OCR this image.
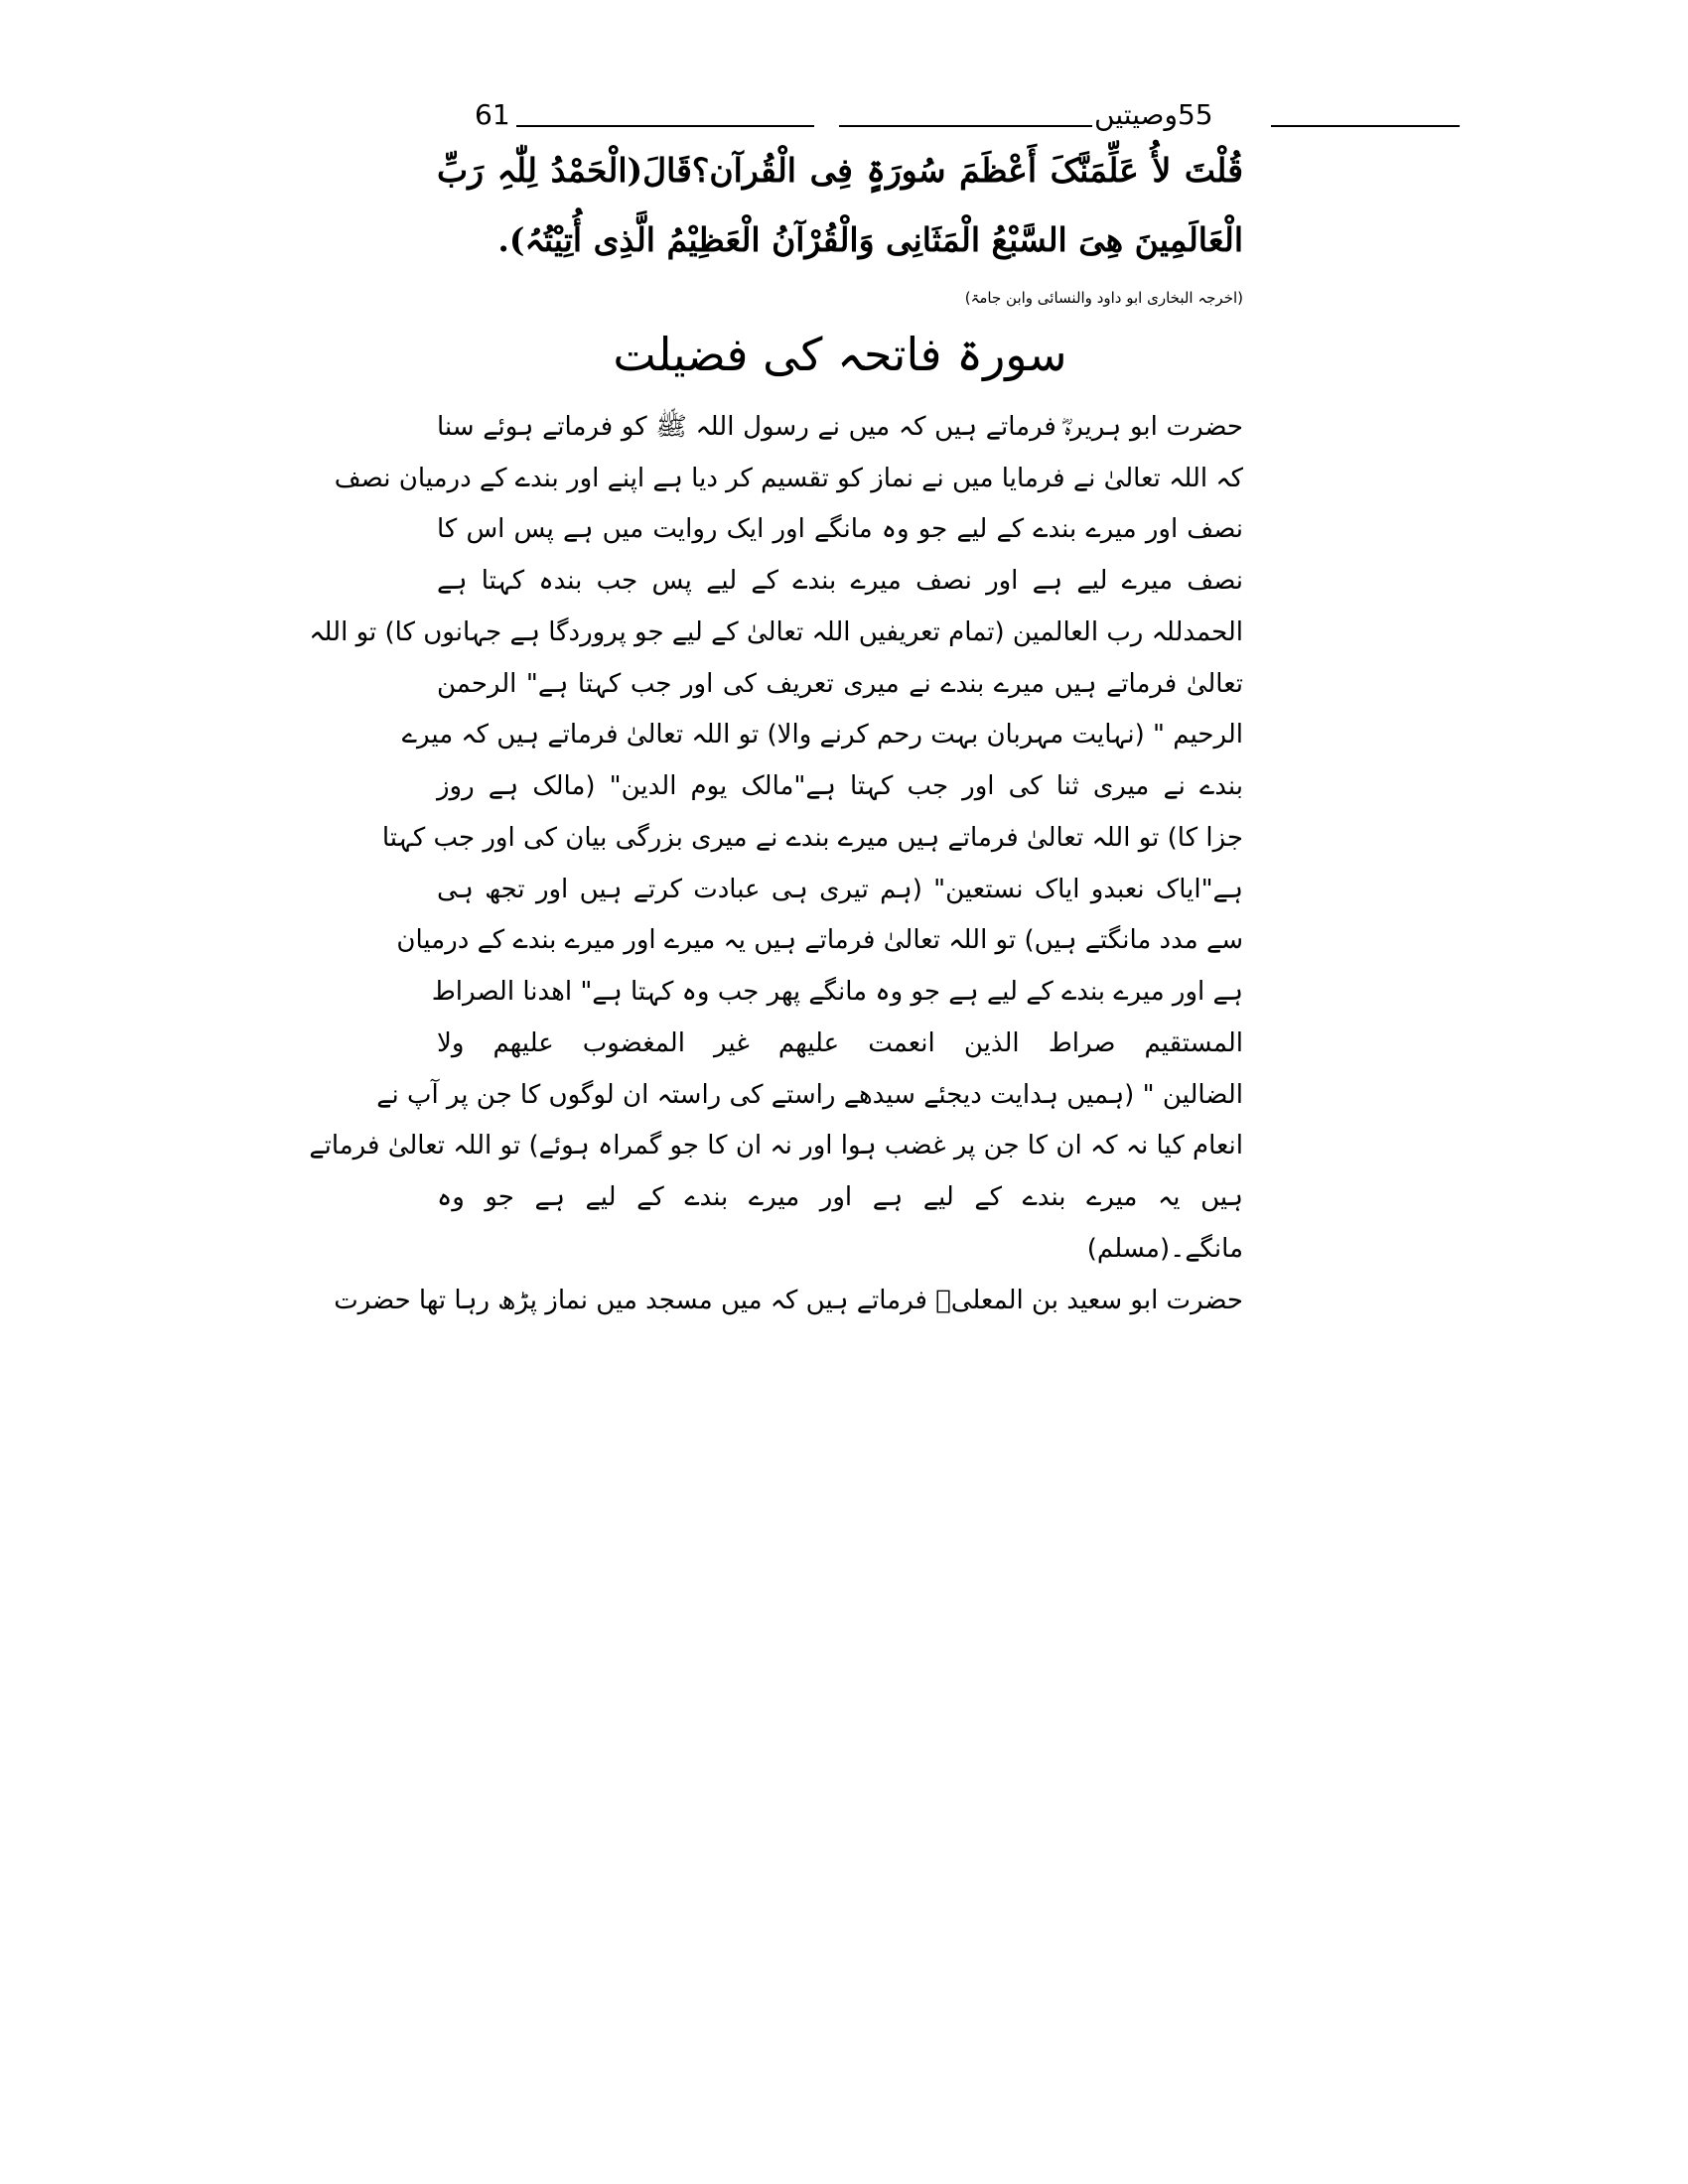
61	55وصیتیں
قُلْتَ لأُ عَلِّمَنَّکَ أَعْظَمَ سُورَۃٍ فِی الْقُرآن؟قَالَ(الْحَمْدُ لِلّٰہِ رَبِّ
الْعَالَمِینَ ھِیَ السَّبْعُ الْمَثَانِی وَالْقُرْآنُ الْعَظِیْمُ الَّذِی أُتِیْتُہُ).
(اخرجہ البخاری ابو داود والنسائی وابن جامۃ)
سورۃ فاتحہ کی فضیلت
حضرت ابو ہریرہؓ فرماتے ہیں کہ میں نے رسول اللہ ﷺ کو فرماتے ہوئے سنا
کہ اللہ تعالیٰ نے فرمایا میں نے نماز کو تقسیم کر دیا ہے اپنے اور بندے کے درمیان نصف
نصف اور میرے بندے کے لیے جو وہ مانگے اور ایک روایت میں ہے پس اس کا
نصف میرے لیے ہے اور نصف میرے بندے کے لیے پس جب بندہ کہتا ہے
الحمدللہ رب العالمین (تمام تعریفیں اللہ تعالیٰ کے لیے جو پروردگا ہے جہانوں کا) تو اللہ
تعالیٰ فرماتے ہیں میرے بندے نے میری تعریف کی اور جب کہتا ہے" الرحمن
الرحیم " (نہایت مہربان بہت رحم کرنے والا) تو اللہ تعالیٰ فرماتے ہیں کہ میرے
بندے نے میری ثنا کی اور جب کہتا ہے"مالک یوم الدین" (مالک ہے روز
جزا کا) تو اللہ تعالیٰ فرماتے ہیں میرے بندے نے میری بزرگی بیان کی اور جب کہتا
ہے"ایاک نعبدو ایاک نستعین" (ہم تیری ہی عبادت کرتے ہیں اور تجھ ہی
سے مدد مانگتے ہیں) تو اللہ تعالیٰ فرماتے ہیں یہ میرے اور میرے بندے کے درمیان
ہے اور میرے بندے کے لیے ہے جو وہ مانگے پھر جب وہ کہتا ہے" اھدنا الصراط
المستقیم صراط الذین انعمت علیھم غیر المغضوب علیھم ولا
الضالین " (ہمیں ہدایت دیجئے سیدھے راستے کی راستہ ان لوگوں کا جن پر آپ نے
انعام کیا نہ کہ ان کا جن پر غضب ہوا اور نہ ان کا جو گمراہ ہوئے) تو اللہ تعالیٰ فرماتے
ہیں یہ میرے بندے کے لیے ہے اور میرے بندے کے لیے ہے جو وہ
مانگے۔(مسلم)
حضرت ابو سعید بن المعلیؓ فرماتے ہیں کہ میں مسجد میں نماز پڑھ رہا تھا حضرت
